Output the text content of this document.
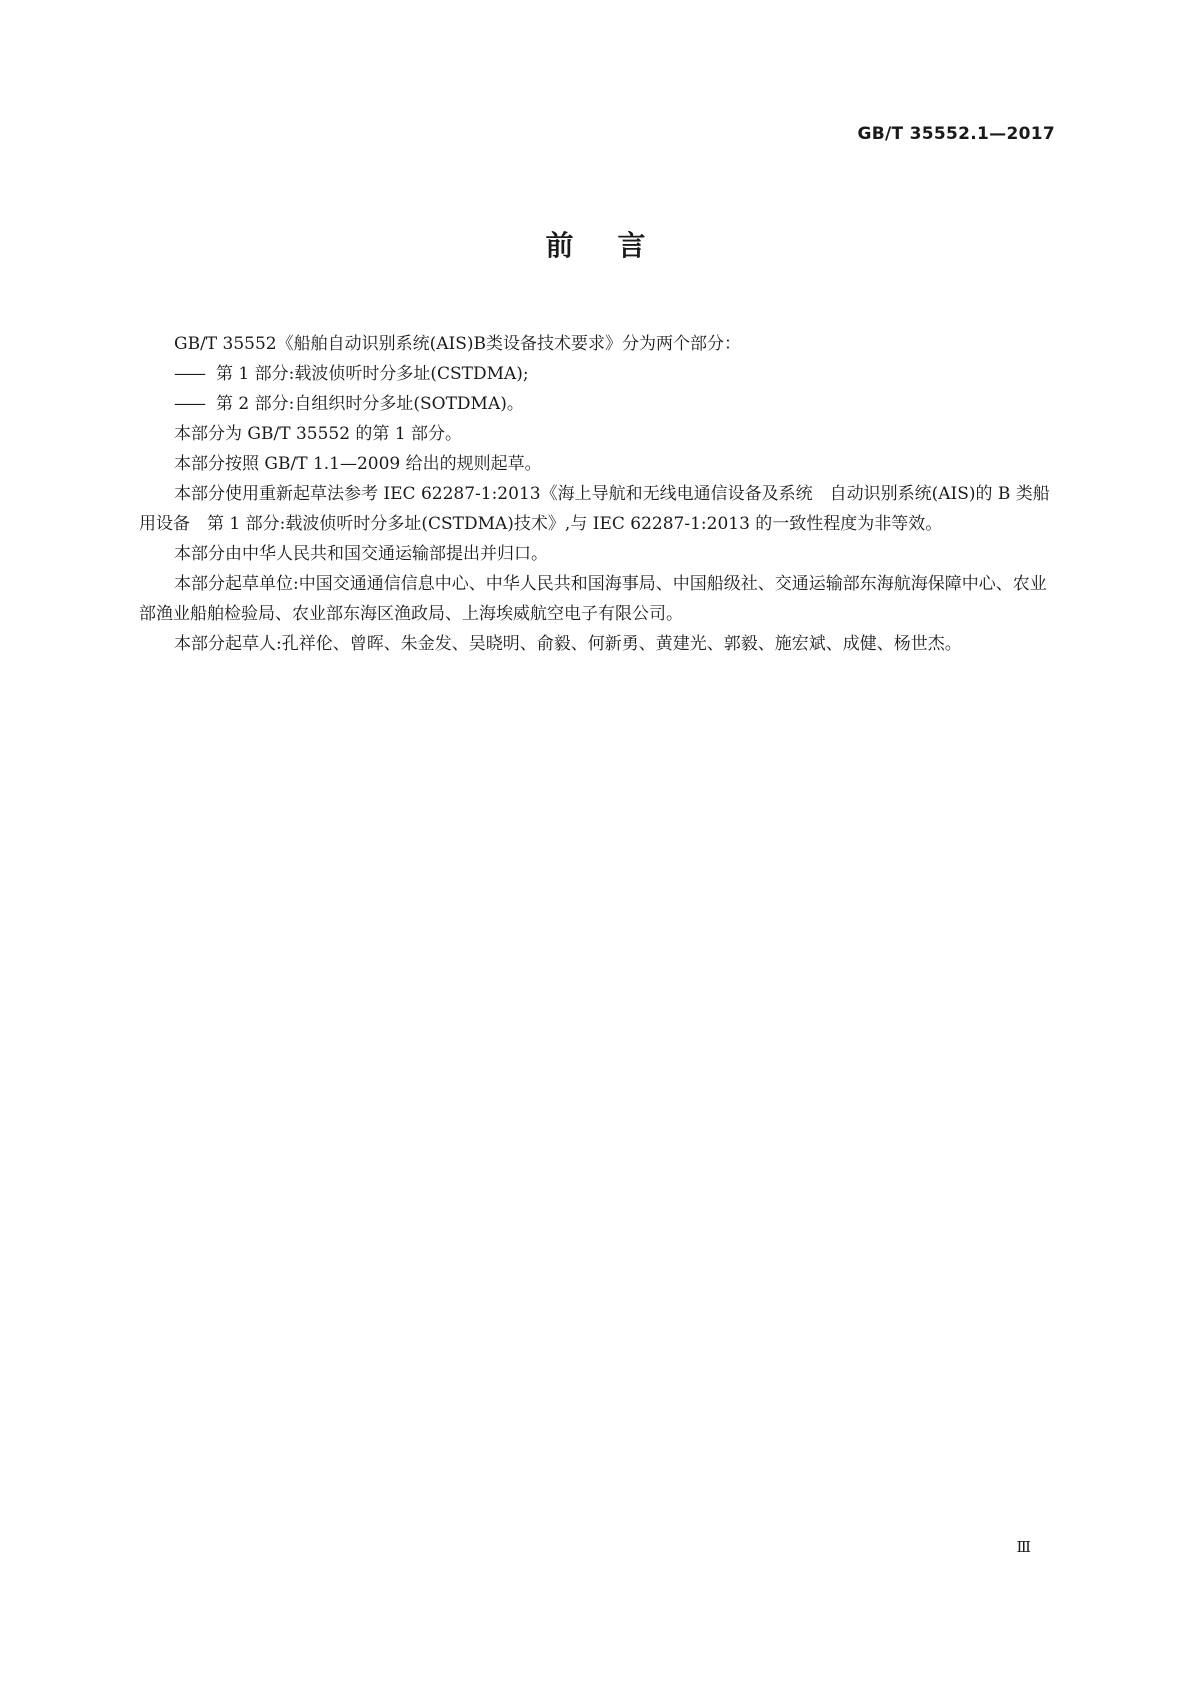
GB/T 35552.1—2017
前言

GB/T 35552《船舶自动识别系统(AIS)B类设备技术要求》分为两个部分：

—— 第 1 部分:载波侦听时分多址(CSTDMA);

—— 第 2 部分:自组织时分多址(SOTDMA)。

本部分为 GB/T 35552 的第 1 部分。

本部分按照 GB/T 1.1—2009 给出的规则起草。

本部分使用重新起草法参考 IEC 62287-1:2013《海上导航和无线电通信设备及系统　自动识别系统(AIS)的 B 类船用设备　第 1 部分:载波侦听时分多址(CSTDMA)技术》,与 IEC 62287-1:2013 的一致性程度为非等效。

本部分由中华人民共和国交通运输部提出并归口。

本部分起草单位:中国交通通信信息中心、中华人民共和国海事局、中国船级社、交通运输部东海航海保障中心、农业部渔业船舶检验局、农业部东海区渔政局、上海埃威航空电子有限公司。

本部分起草人:孔祥伦、曾晖、朱金发、吴晓明、俞毅、何新勇、黄建光、郭毅、施宏斌、成健、杨世杰。

Ⅲ
